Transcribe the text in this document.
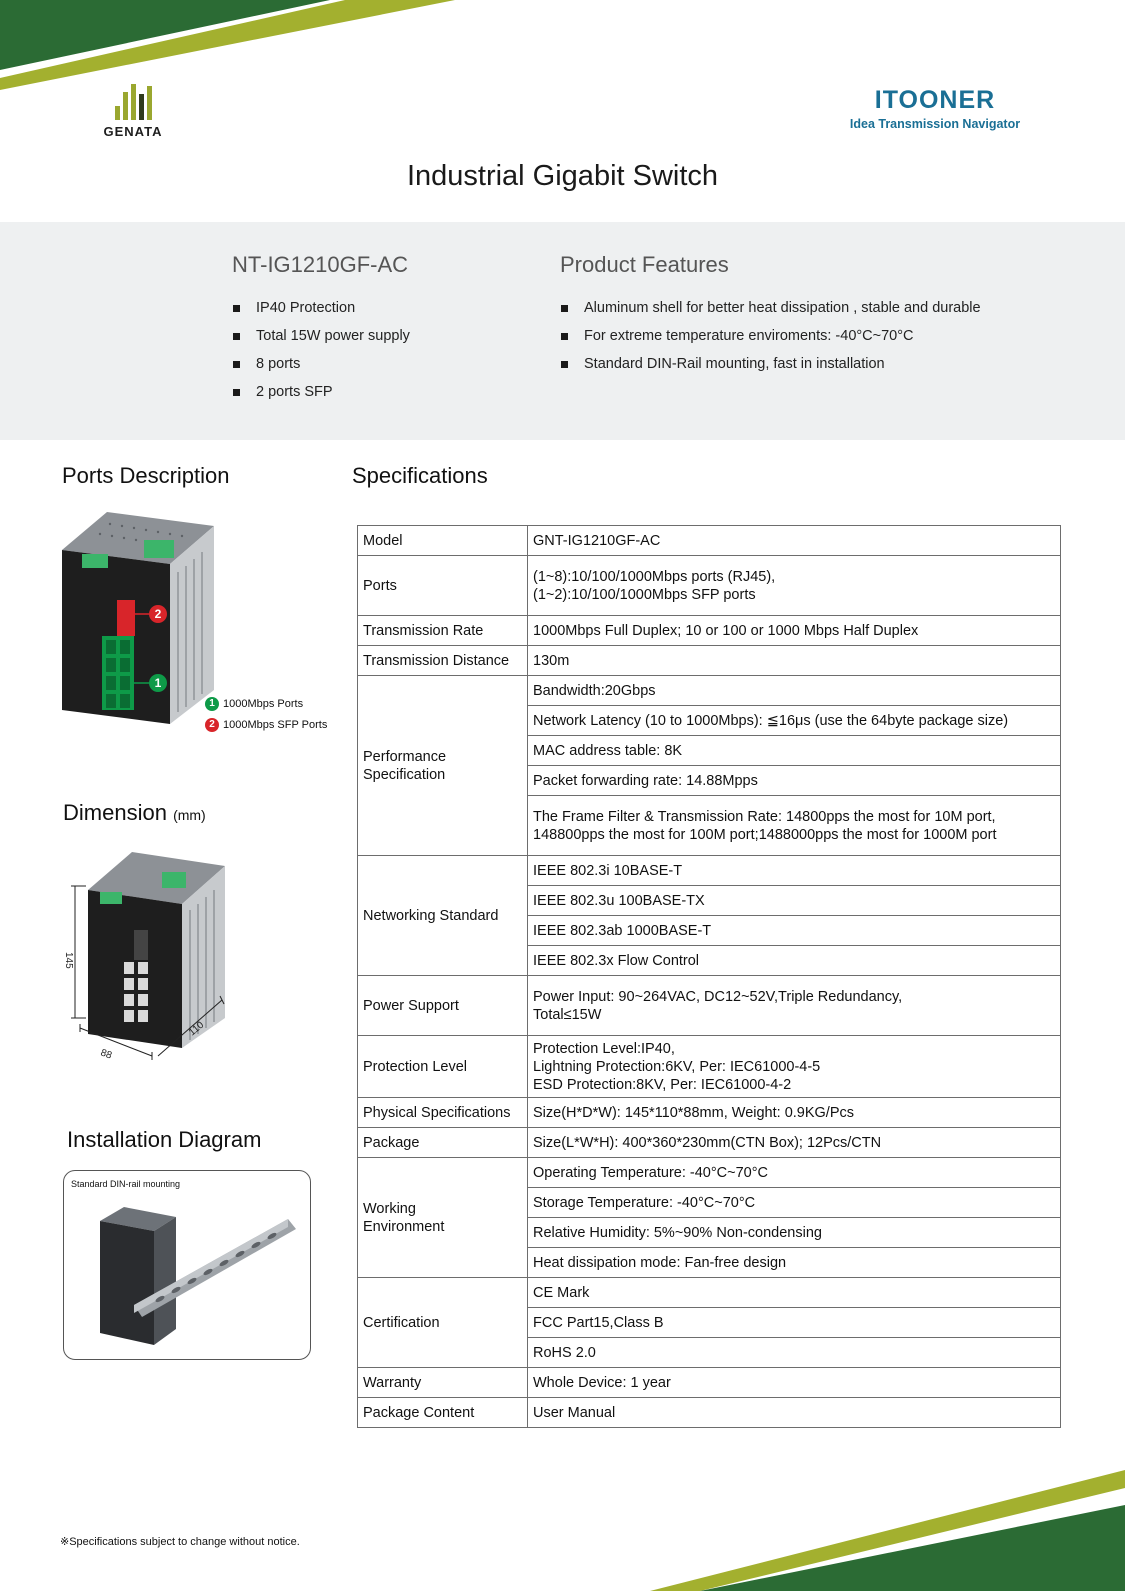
GENATA
ITOONER
Idea Transmission Navigator
Industrial Gigabit Switch
NT-IG1210GF-AC
IP40 Protection
Total 15W power supply
8 ports
2 ports SFP
Product Features
Aluminum shell for better heat dissipation , stable and durable
For extreme temperature enviroments: -40°C~70°C
Standard DIN-Rail mounting, fast in installation
Ports Description
2
1
1 1000Mbps Ports
2 1000Mbps SFP Ports
Dimension (mm)
145
88
110
Installation Diagram
Standard DIN-rail mounting
Specifications
Model	GNT-IG1210GF-AC
Ports	(1~8):10/100/1000Mbps ports (RJ45),
(1~2):10/100/1000Mbps SFP ports
Transmission Rate	1000Mbps Full Duplex; 10 or 100 or 1000 Mbps Half Duplex
Transmission Distance	130m
Performance
Specification	Bandwidth:20Gbps
	Network Latency (10 to 1000Mbps): ≦16μs (use the 64byte package size)
	MAC address table: 8K
	Packet forwarding rate: 14.88Mpps
	The Frame Filter & Transmission Rate: 14800pps the most for 10M port,
148800pps the most for 100M port;1488000pps the most for 1000M port
Networking Standard	IEEE 802.3i 10BASE-T
	IEEE 802.3u 100BASE-TX
	IEEE 802.3ab 1000BASE-T
	IEEE 802.3x Flow Control
Power Support	Power Input: 90~264VAC, DC12~52V,Triple Redundancy,
Total≤15W
Protection Level	Protection Level:IP40,
Lightning Protection:6KV, Per: IEC61000-4-5
ESD Protection:8KV, Per: IEC61000-4-2
Physical Specifications	Size(H*D*W): 145*110*88mm, Weight: 0.9KG/Pcs
Package	Size(L*W*H): 400*360*230mm(CTN Box); 12Pcs/CTN
Working
Environment	Operating Temperature: -40°C~70°C
	Storage Temperature: -40°C~70°C
	Relative Humidity: 5%~90% Non-condensing
	Heat dissipation mode: Fan-free design
Certification	CE Mark
	FCC Part15,Class B
	RoHS 2.0
Warranty	Whole Device: 1 year
Package Content	User Manual
※Specifications subject to change without notice.
